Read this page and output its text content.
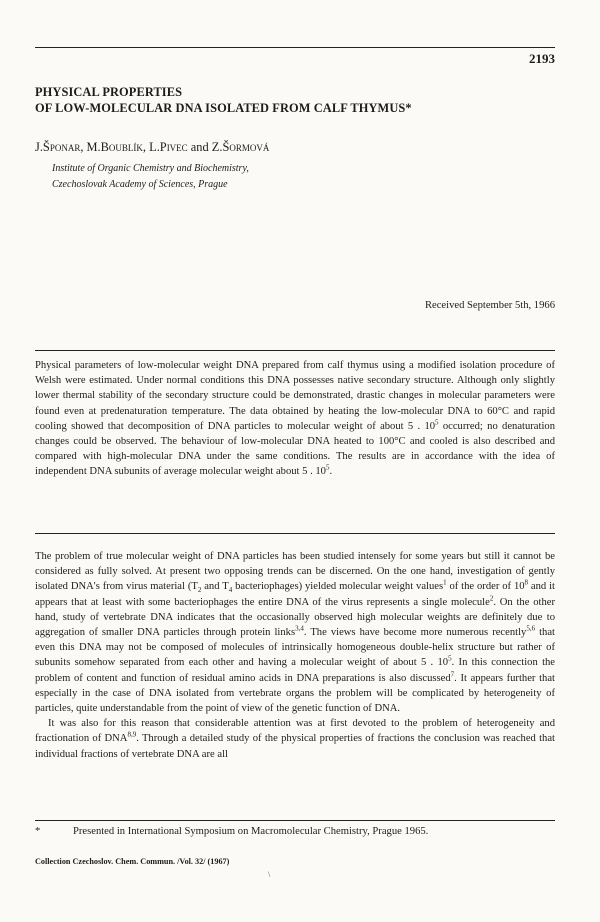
2193
PHYSICAL PROPERTIES
OF LOW-MOLECULAR DNA ISOLATED FROM CALF THYMUS*
J.Šponar, M.Boublík, L.Pivec and Z.Šormová
Institute of Organic Chemistry and Biochemistry,
Czechoslovak Academy of Sciences, Prague
Received September 5th, 1966

Physical parameters of low-molecular weight DNA prepared from calf thymus using a modified isolation procedure of Welsh were estimated. Under normal conditions this DNA possesses native secondary structure. Although only slightly lower thermal stability of the secondary structure could be demonstrated, drastic changes in molecular parameters were found even at predenaturation temperature. The data obtained by heating the low-molecular DNA to 60°C and rapid cooling showed that decomposition of DNA particles to molecular weight of about 5 . $10^5$ occurred; no denaturation changes could be observed. The behaviour of low-molecular DNA heated to 100°C and cooled is also described and compared with high-molecular DNA under the same conditions. The results are in accordance with the idea of independent DNA subunits of average molecular weight about 5 . $10^5$.

The problem of true molecular weight of DNA particles has been studied intensely for some years but still it cannot be considered as fully solved. At present two opposing trends can be discerned. On the one hand, investigation of gently isolated DNA's from virus material ($T_2$ and $T_4$ bacteriophages) yielded molecular weight values$^1$ of the order of $10^8$ and it appears that at least with some bacteriophages the entire DNA of the virus represents a single molecule$^2$. On the other hand, study of vertebrate DNA indicates that the occasionally observed high molecular weights are definitely due to aggregation of smaller DNA particles through protein links$^{3,4}$. The views have become more numerous recently$^{5,6}$ that even this DNA may not be composed of molecules of intrinsically homogeneous double-helix structure but rather of subunits somehow separated from each other and having a molecular weight of about 5 . $10^5$. In this connection the problem of content and function of residual amino acids in DNA preparations is also discussed$^7$. It appears further that especially in the case of DNA isolated from vertebrate organs the problem will be complicated by heterogeneity of particles, quite understandable from the point of view of the genetic function of DNA.

It was also for this reason that considerable attention was at first devoted to the problem of heterogeneity and fractionation of DNA$^{8,9}$. Through a detailed study of the physical properties of fractions the conclusion was reached that individual fractions of vertebrate DNA are all

*	Presented in International Symposium on Macromolecular Chemistry, Prague 1965.
Collection Czechoslov. Chem. Commun. /Vol. 32/ (1967)
\
